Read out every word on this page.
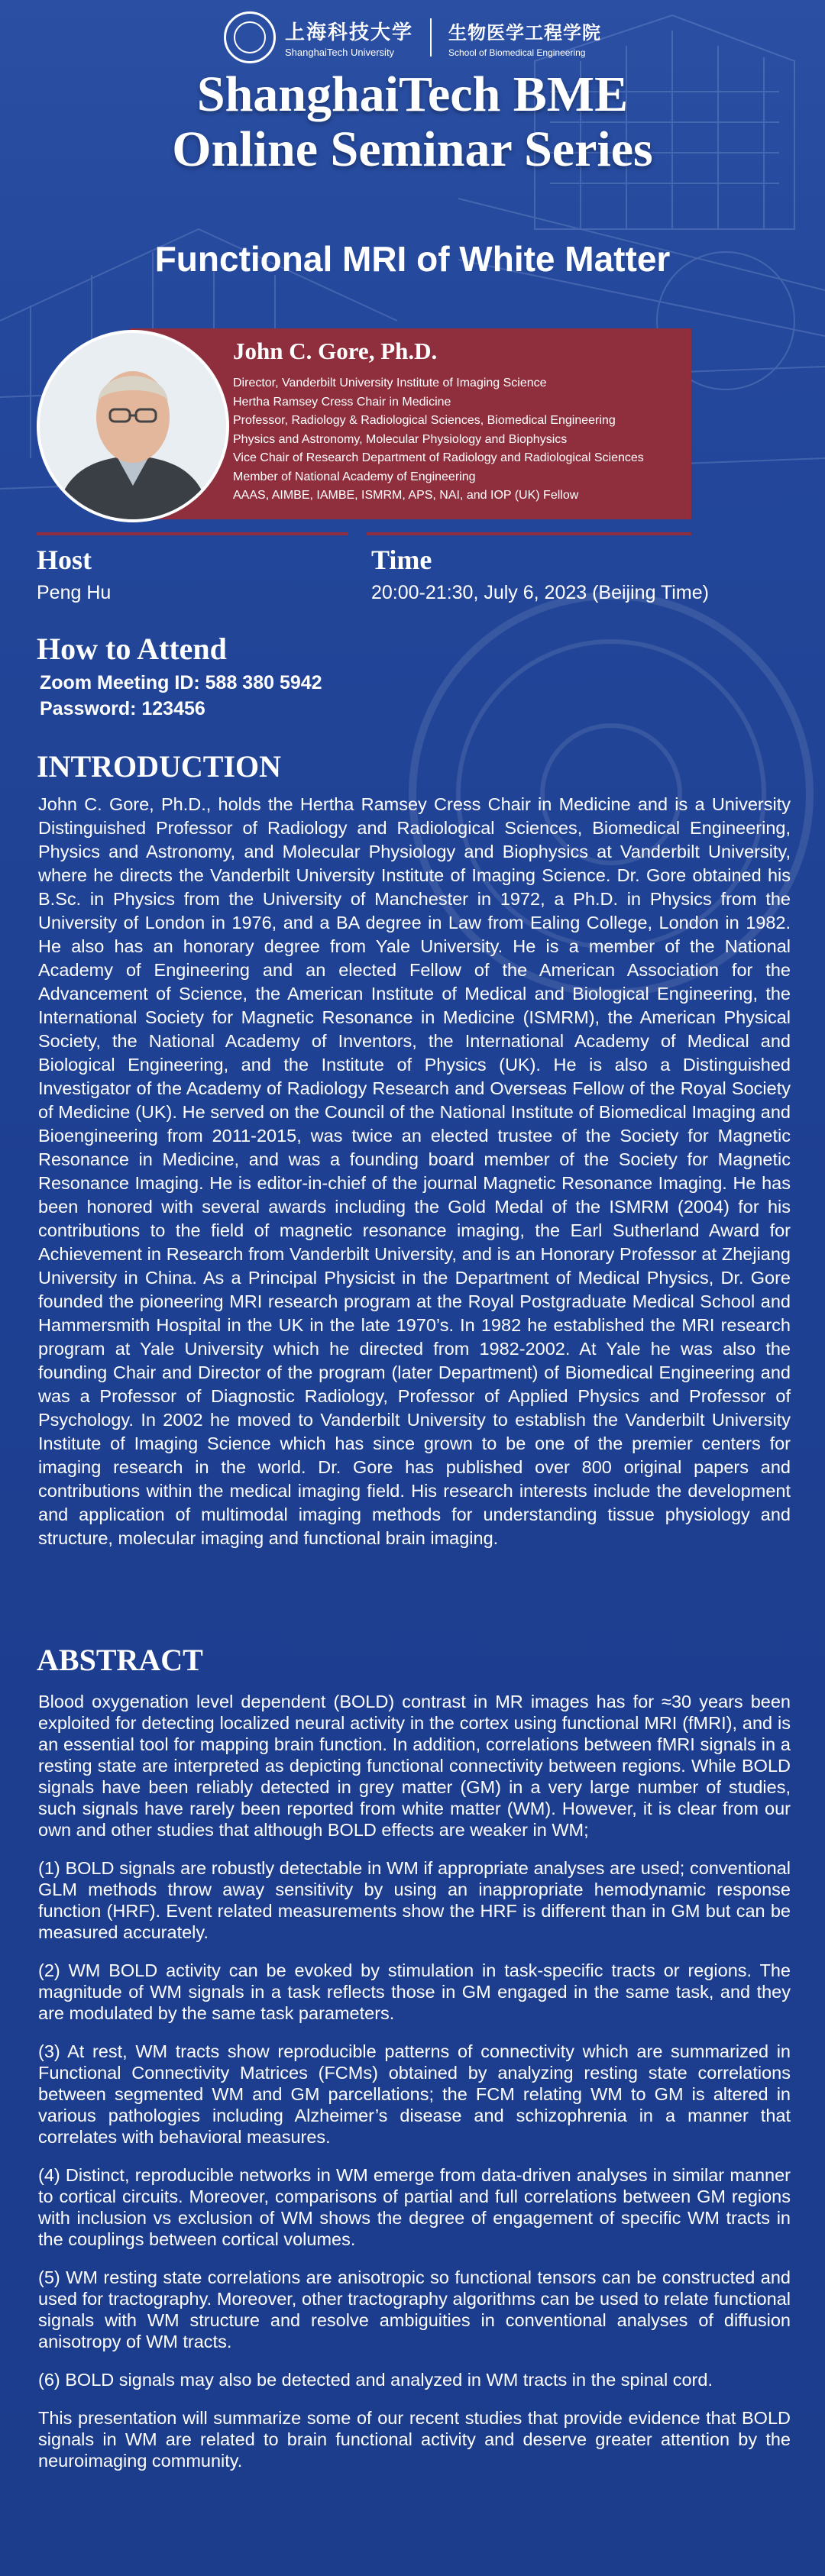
上海科技大学
ShanghaiTech University
生物医学工程学院
School of Biomedical Engineering
ShanghaiTech BME
Online Seminar Series
Functional MRI of White Matter
John C. Gore, Ph.D.
Director, Vanderbilt University Institute of Imaging Science
Hertha Ramsey Cress Chair in Medicine
Professor, Radiology & Radiological Sciences, Biomedical Engineering
Physics and Astronomy, Molecular Physiology and Biophysics
Vice Chair of Research Department of Radiology and Radiological Sciences
Member of National Academy of Engineering
AAAS, AIMBE, IAMBE, ISMRM, APS, NAI, and IOP (UK) Fellow
Host	Time
Peng Hu	20:00-21:30, July 6, 2023 (Beijing Time)
How to Attend
Zoom Meeting ID: 588 380 5942
Password: 123456
INTRODUCTION
John C. Gore, Ph.D., holds the Hertha Ramsey Cress Chair in Medicine and is a University Distinguished Professor of Radiology and Radiological Sciences, Biomedical Engineering, Physics and Astronomy, and Molecular Physiology and Biophysics at Vanderbilt University, where he directs the Vanderbilt University Institute of Imaging Science. Dr. Gore obtained his B.Sc. in Physics from the University of Manchester in 1972, a Ph.D. in Physics from the University of London in 1976, and a BA degree in Law from Ealing College, London in 1982. He also has an honorary degree from Yale University. He is a member of the National Academy of Engineering and an elected Fellow of the American Association for the Advancement of Science, the American Institute of Medical and Biological Engineering, the International Society for Magnetic Resonance in Medicine (ISMRM), the American Physical Society, the National Academy of Inventors, the International Academy of Medical and Biological Engineering, and the Institute of Physics (UK). He is also a Distinguished Investigator of the Academy of Radiology Research and Overseas Fellow of the Royal Society of Medicine (UK). He served on the Council of the National Institute of Biomedical Imaging and Bioengineering from 2011-2015, was twice an elected trustee of the Society for Magnetic Resonance in Medicine, and was a founding board member of the Society for Magnetic Resonance Imaging. He is editor-in-chief of the journal Magnetic Resonance Imaging. He has been honored with several awards including the Gold Medal of the ISMRM (2004) for his contributions to the field of magnetic resonance imaging, the Earl Sutherland Award for Achievement in Research from Vanderbilt University, and is an Honorary Professor at Zhejiang University in China. As a Principal Physicist in the Department of Medical Physics, Dr. Gore founded the pioneering MRI research program at the Royal Postgraduate Medical School and Hammersmith Hospital in the UK in the late 1970’s. In 1982 he established the MRI research program at Yale University which he directed from 1982-2002. At Yale he was also the founding Chair and Director of the program (later Department) of Biomedical Engineering and was a Professor of Diagnostic Radiology, Professor of Applied Physics and Professor of Psychology. In 2002 he moved to Vanderbilt University to establish the Vanderbilt University Institute of Imaging Science which has since grown to be one of the premier centers for imaging research in the world. Dr. Gore has published over 800 original papers and contributions within the medical imaging field. His research interests include the development and application of multimodal imaging methods for understanding tissue physiology and structure, molecular imaging and functional brain imaging.
ABSTRACT

Blood oxygenation level dependent (BOLD) contrast in MR images has for ≈30 years been exploited for detecting localized neural activity in the cortex using functional MRI (fMRI), and is an essential tool for mapping brain function. In addition, correlations between fMRI signals in a resting state are interpreted as depicting functional connectivity between regions. While BOLD signals have been reliably detected in grey matter (GM) in a very large number of studies, such signals have rarely been reported from white matter (WM). However, it is clear from our own and other studies that although BOLD effects are weaker in WM;

(1) BOLD signals are robustly detectable in WM if appropriate analyses are used; conventional GLM methods throw away sensitivity by using an inappropriate hemodynamic response function (HRF). Event related measurements show the HRF is different than in GM but can be measured accurately.

(2) WM BOLD activity can be evoked by stimulation in task-specific tracts or regions. The magnitude of WM signals in a task reflects those in GM engaged in the same task, and they are modulated by the same task parameters.

(3) At rest, WM tracts show reproducible patterns of connectivity which are summarized in Functional Connectivity Matrices (FCMs) obtained by analyzing resting state correlations between segmented WM and GM parcellations; the FCM relating WM to GM is altered in various pathologies including Alzheimer’s disease and schizophrenia in a manner that correlates with behavioral measures.

(4) Distinct, reproducible networks in WM emerge from data-driven analyses in similar manner to cortical circuits. Moreover, comparisons of partial and full correlations between GM regions with inclusion vs exclusion of WM shows the degree of engagement of specific WM tracts in the couplings between cortical volumes.

(5) WM resting state correlations are anisotropic so functional tensors can be constructed and used for tractography. Moreover, other tractography algorithms can be used to relate functional signals with WM structure and resolve ambiguities in conventional analyses of diffusion anisotropy of WM tracts.

(6) BOLD signals may also be detected and analyzed in WM tracts in the spinal cord.

This presentation will summarize some of our recent studies that provide evidence that BOLD signals in WM are related to brain functional activity and deserve greater attention by the neuroimaging community.
